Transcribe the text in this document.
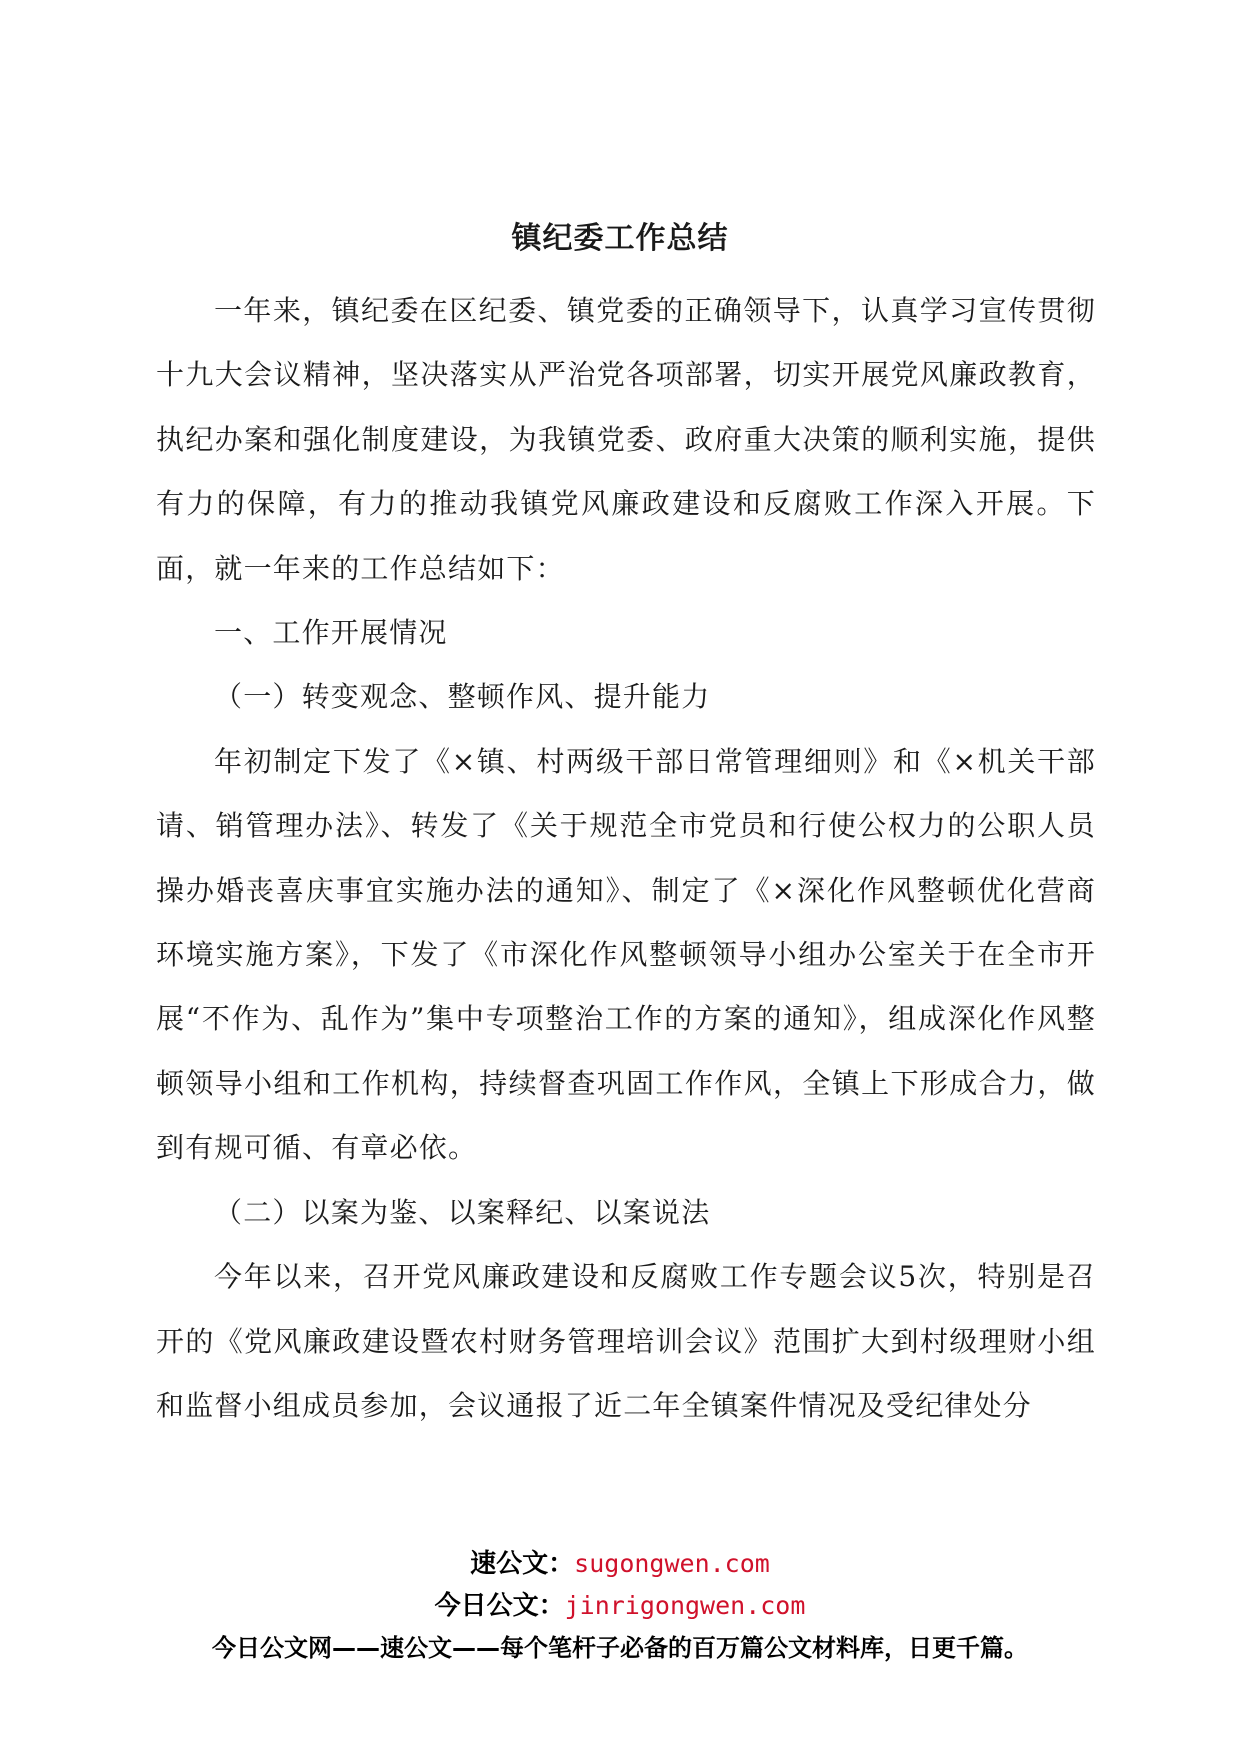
镇纪委工作总结

一年来，镇纪委在区纪委、镇党委的正确领导下，认真学习宣传贯彻十九大会议精神，坚决落实从严治党各项部署，切实开展党风廉政教育，执纪办案和强化制度建设，为我镇党委、政府重大决策的顺利实施，提供有力的保障，有力的推动我镇党风廉政建设和反腐败工作深入开展。下面，就一年来的工作总结如下：

一、工作开展情况

（一）转变观念、整顿作风、提升能力

年初制定下发了《×镇、村两级干部日常管理细则》和《×机关干部请、销管理办法》、转发了《关于规范全市党员和行使公权力的公职人员操办婚丧喜庆事宜实施办法的通知》、制定了《×深化作风整顿优化营商环境实施方案》，下发了《市深化作风整顿领导小组办公室关于在全市开展“不作为、乱作为”集中专项整治工作的方案的通知》，组成深化作风整顿领导小组和工作机构，持续督查巩固工作作风，全镇上下形成合力，做到有规可循、有章必依。

（二）以案为鉴、以案释纪、以案说法

今年以来，召开党风廉政建设和反腐败工作专题会议5次，特别是召开的《党风廉政建设暨农村财务管理培训会议》范围扩大到村级理财小组和监督小组成员参加，会议通报了近二年全镇案件情况及受纪律处分

速公文：sugongwen.com
今日公文：jinrigongwen.com
今日公文网——速公文——每个笔杆子必备的百万篇公文材料库，日更千篇。
